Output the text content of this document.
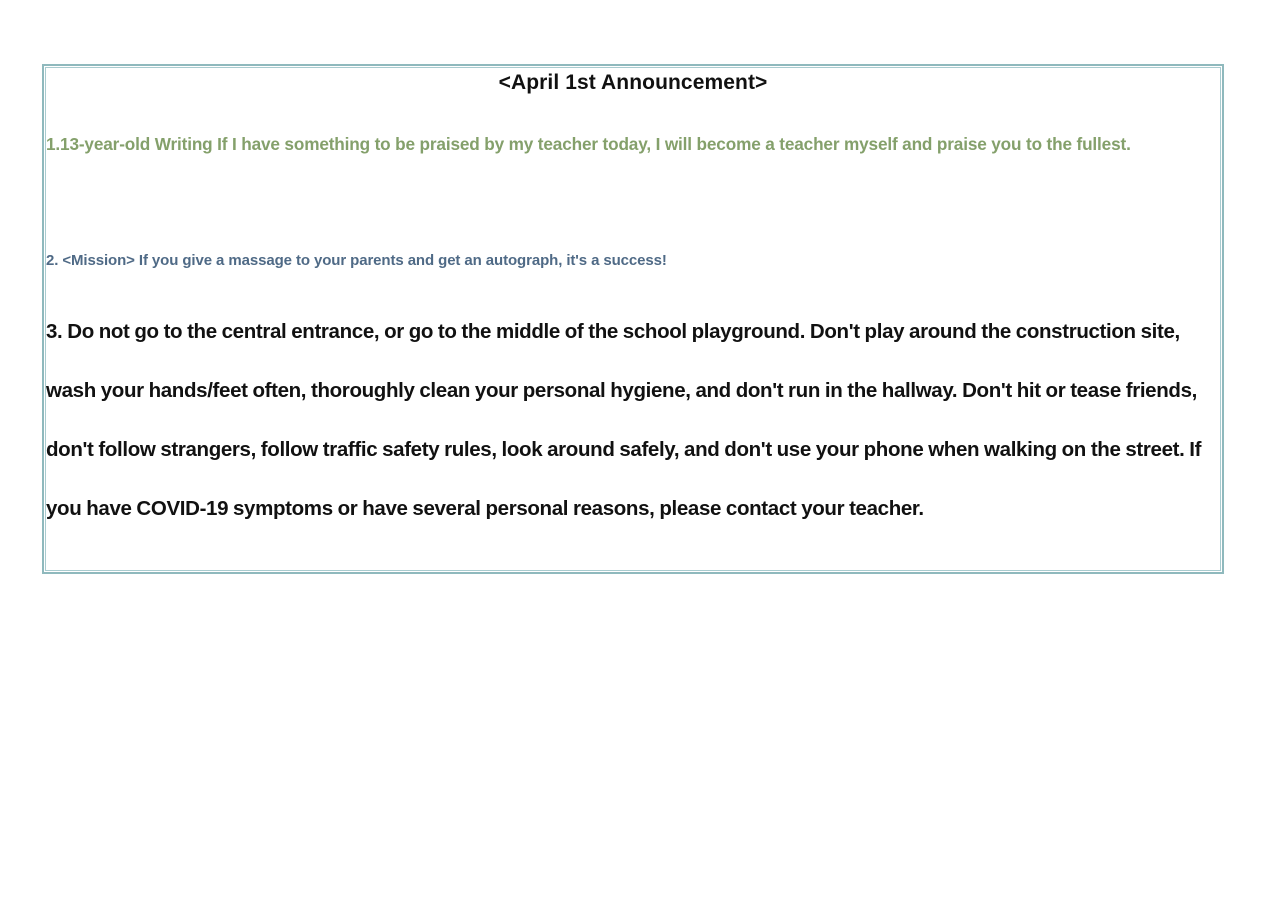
<April 1st Announcement>

1.13-year-old Writing If I have something to be praised by my teacher today, I will become a teacher myself and praise you to the fullest.

2. <Mission> If you give a massage to your parents and get an autograph, it's a success!

3. Do not go to the central entrance, or go to the middle of the school playground. Don't play around the construction site, wash your hands/feet often, thoroughly clean your personal hygiene, and don't run in the hallway. Don't hit or tease friends, don't follow strangers, follow traffic safety rules, look around safely, and don't use your phone when walking on the street. If you have COVID-19 symptoms or have several personal reasons, please contact your teacher.
